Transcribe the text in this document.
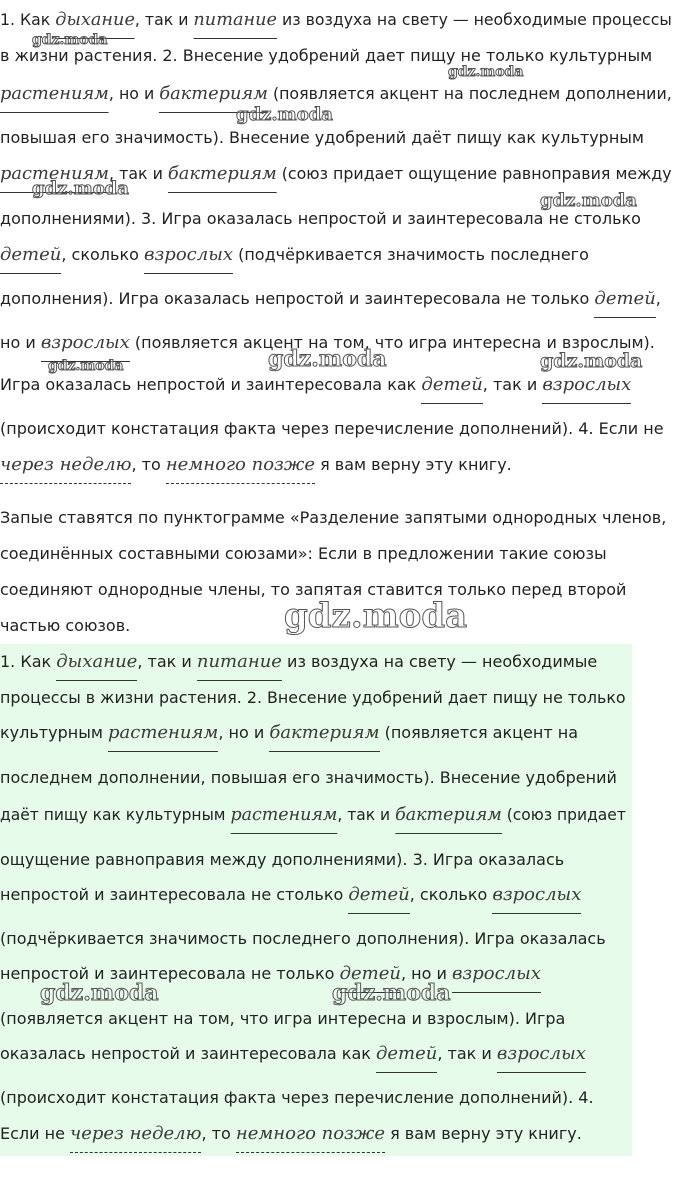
1. Как дыхание, так и питание из воздуха на свету — необходимые процессы
в жизни растения. 2. Внесение удобрений дает пищу не только культурным
растениям, но и бактериям (появляется акцент на последнем дополнении,
повышая его значимость). Внесение удобрений даёт пищу как культурным
растениям, так и бактериям (союз придает ощущение равноправия между
дополнениями). 3. Игра оказалась непростой и заинтересовала не столько
детей, сколько взрослых (подчёркивается значимость последнего
дополнения). Игра оказалась непростой и заинтересовала не только детей,
но и взрослых (появляется акцент на том, что игра интересна и взрослым).
Игра оказалась непростой и заинтересовала как детей, так и взрослых
(происходит констатация факта через перечисление дополнений). 4. Если не
через неделю, то немного позже я вам верну эту книгу.
Запые ставятся по пунктограмме «Разделение запятыми однородных членов,
соединённых составными союзами»: Если в предложении такие союзы
соединяют однородные члены, то запятая ставится только перед второй
частью союзов.
1. Как дыхание, так и питание из воздуха на свету — необходимые
процессы в жизни растения. 2. Внесение удобрений дает пищу не только
культурным растениям, но и бактериям (появляется акцент на
последнем дополнении, повышая его значимость). Внесение удобрений
даёт пищу как культурным растениям, так и бактериям (союз придает
ощущение равноправия между дополнениями). 3. Игра оказалась
непростой и заинтересовала не столько детей, сколько взрослых
(подчёркивается значимость последнего дополнения). Игра оказалась
непростой и заинтересовала не только детей, но и взрослых
(появляется акцент на том, что игра интересна и взрослым). Игра
оказалась непростой и заинтересовала как детей, так и взрослых
(происходит констатация факта через перечисление дополнений). 4.
Если не через неделю, то немного позже я вам верну эту книгу.
gdz.moda
gdz.moda
gdz.moda
gdz.moda
gdz.moda
gdz.moda	gdz.moda	gdz.moda
gdz.moda
gdz.moda	gdz.moda
